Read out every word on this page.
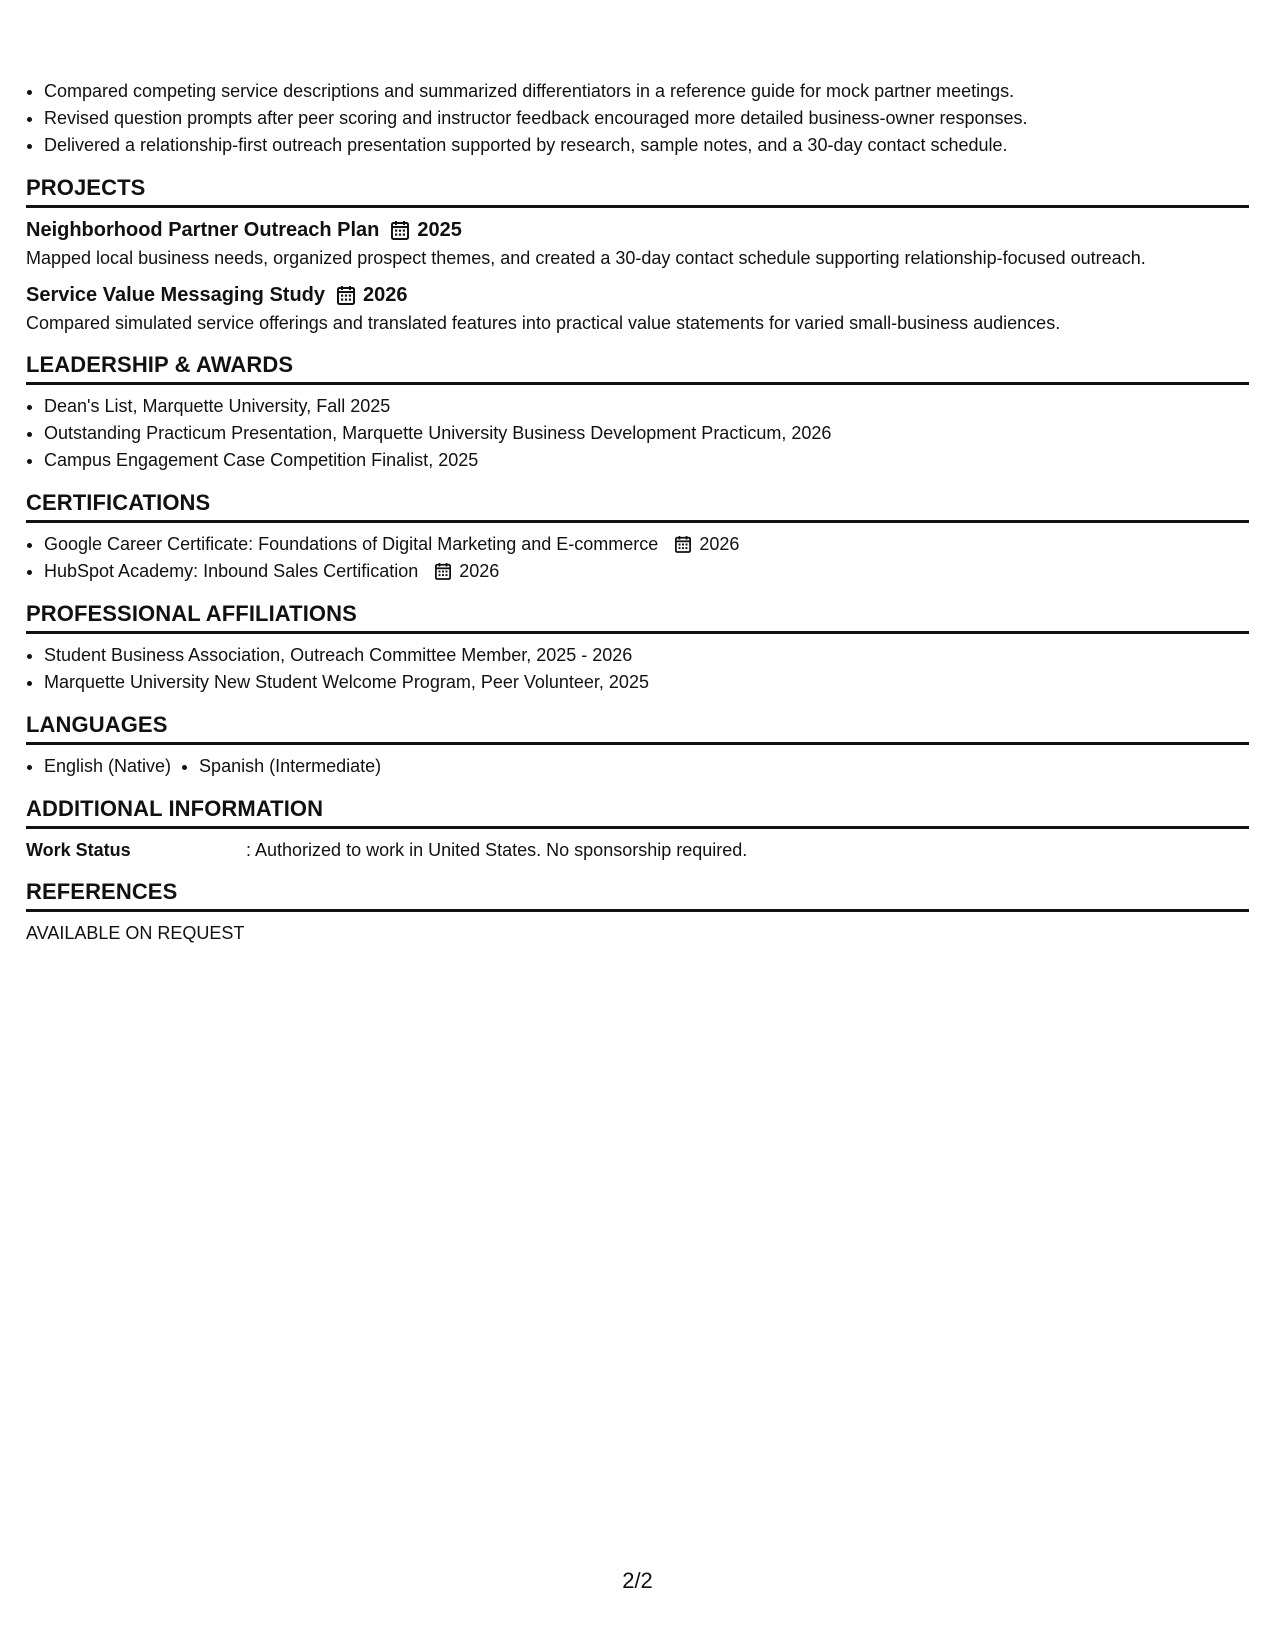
• Compared competing service descriptions and summarized differentiators in a reference guide for mock partner meetings.
• Revised question prompts after peer scoring and instructor feedback encouraged more detailed business-owner responses.
• Delivered a relationship-first outreach presentation supported by research, sample notes, and a 30-day contact schedule.
PROJECTS
Neighborhood Partner Outreach Plan 2025
Mapped local business needs, organized prospect themes, and created a 30-day contact schedule supporting relationship-focused outreach.
Service Value Messaging Study 2026
Compared simulated service offerings and translated features into practical value statements for varied small-business audiences.
LEADERSHIP & AWARDS
• Dean's List, Marquette University, Fall 2025
• Outstanding Practicum Presentation, Marquette University Business Development Practicum, 2026
• Campus Engagement Case Competition Finalist, 2025
CERTIFICATIONS
• Google Career Certificate: Foundations of Digital Marketing and E-commerce 2026
• HubSpot Academy: Inbound Sales Certification 2026
PROFESSIONAL AFFILIATIONS
• Student Business Association, Outreach Committee Member, 2025 - 2026
• Marquette University New Student Welcome Program, Peer Volunteer, 2025
LANGUAGES
• English (Native)
• Spanish (Intermediate)
ADDITIONAL INFORMATION
Work Status	: Authorized to work in United States. No sponsorship required.
REFERENCES
AVAILABLE ON REQUEST
2/2
